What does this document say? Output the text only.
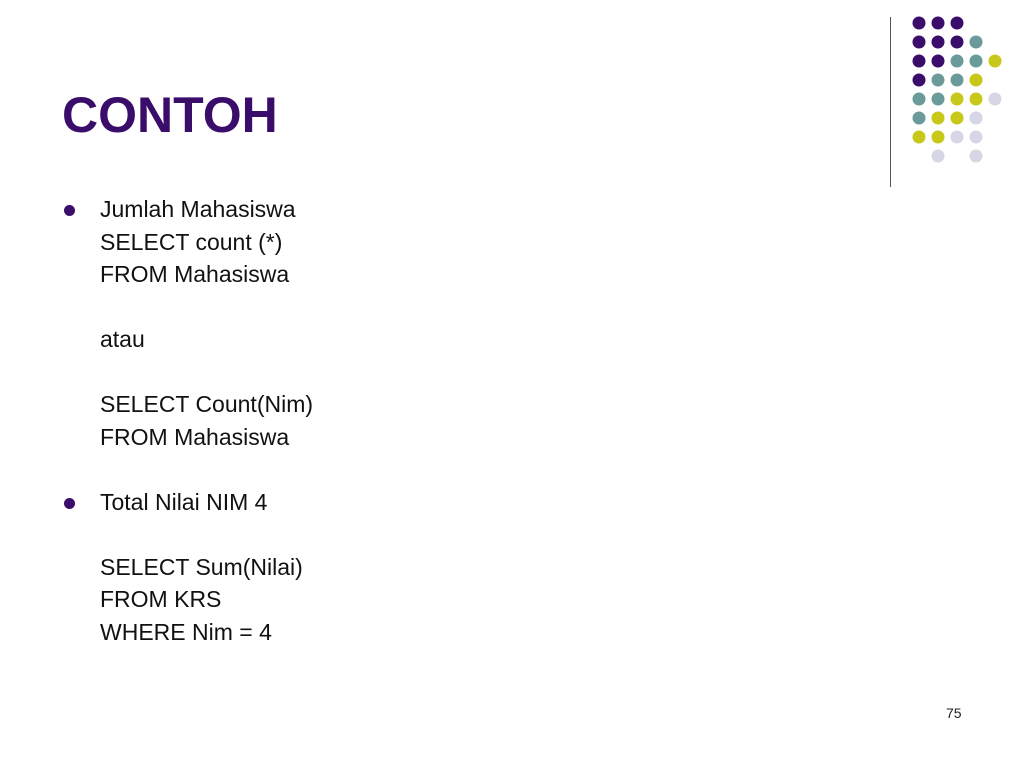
CONTOH
Jumlah Mahasiswa
SELECT count (*)
FROM Mahasiswa
atau
SELECT Count(Nim)
FROM Mahasiswa
Total Nilai NIM 4
SELECT Sum(Nilai)
FROM KRS
WHERE Nim = 4
75
